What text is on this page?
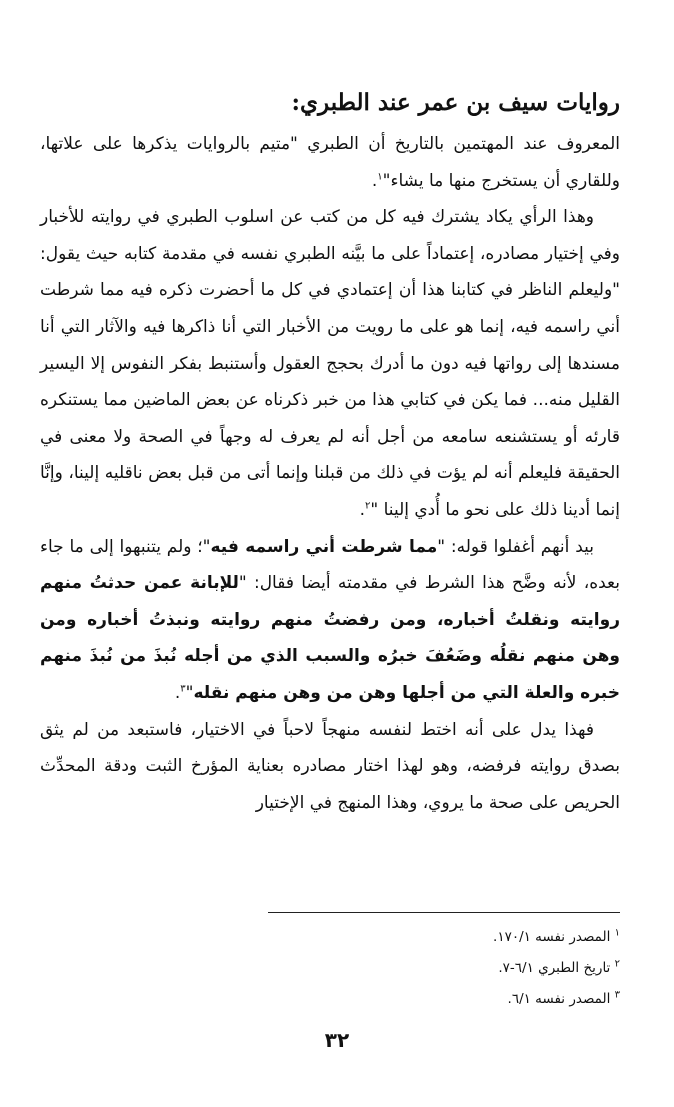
روايات سيف بن عمر عند الطبري:

المعروف عند المهتمين بالتاريخ أن الطبري "متيم بالروايات يذكرها على علاتها، وللقاري أن يستخرج منها ما يشاء"$^١$.

وهذا الرأي يكاد يشترك فيه كل من كتب عن اسلوب الطبري في روايته للأخبار وفي إختيار مصادره، إعتماداً على ما بيَّنه الطبري نفسه في مقدمة كتابه حيث يقول: "وليعلم الناظر في كتابنا هذا أن إعتمادي في كل ما أحضرت ذكره فيه مما شرطت أني راسمه فيه، إنما هو على ما رويت من الأخبار التي أنا ذاكرها فيه والآثار التي أنا مسندها إلى رواتها فيه دون ما أدرك بحجج العقول وأستنبط بفكر النفوس إلا اليسير القليل منه... فما يكن في كتابي هذا من خبر ذكرناه عن بعض الماضين مما يستنكره قارئه أو يستشنعه سامعه من أجل أنه لم يعرف له وجهاً في الصحة ولا معنى في الحقيقة فليعلم أنه لم يؤت في ذلك من قبلنا وإنما أتى من قبل بعض ناقليه إلينا، وإنَّا إنما أدينا ذلك على نحو ما أُدي إلينا "$^٢$.

بيد أنهم أغفلوا قوله: "مما شرطت أني راسمه فيه"؛ ولم يتنبهوا إلى ما جاء بعده، لأنه وضَّح هذا الشرط في مقدمته أيضا فقال: "للإبانة عمن حدثتُ منهم روايته ونقلتُ أخباره، ومن رفضتُ منهم روايته ونبذتُ أخباره ومن وهن منهم نقلُه وضَعُفَ خبرُه والسبب الذي من أجله نُبذَ من نُبذَ منهم خبره والعلة التي من أجلها وهن من وهن منهم نقله"$^٣$.

فهذا يدل على أنه اختط لنفسه منهجاً لاحباً في الاختيار، فاستبعد من لم يثق بصدق روايته فرفضه، وهو لهذا اختار مصادره بعناية المؤرخ الثبت ودقة المحدِّث الحريص على صحة ما يروي، وهذا المنهج في الإختيار

$^١$ المصدر نفسه ١٧٠/١.

$^٢$ تاريخ الطبري ٦/١-٧.

$^٣$ المصدر نفسه ٦/١.

٣٢
